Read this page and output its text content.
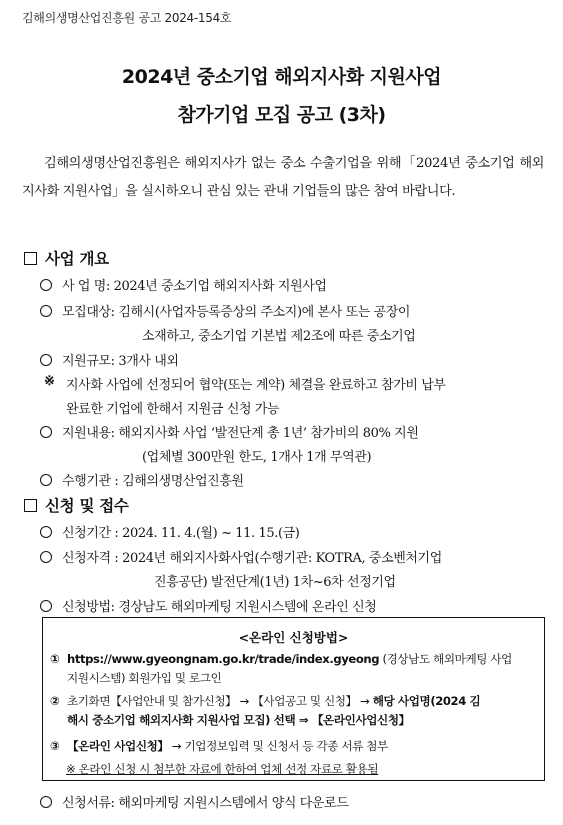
김해의생명산업진흥원 공고 2024-154호
2024년 중소기업 해외지사화 지원사업
참가기업 모집 공고 (3차)
김해의생명산업진흥원은 해외지사가 없는 중소 수출기업을 위해「2024년 중소기업 해외지사화 지원사업」을 실시하오니 관심 있는 관내 기업들의 많은 참여 바랍니다.
사업 개요
사 업 명: 2024년 중소기업 해외지사화 지원사업
모집대상: 김해시(사업자등록증상의 주소지)에 본사 또는 공장이
소재하고, 중소기업 기본법 제2조에 따른 중소기업
지원규모: 3개사 내외
※ 지사화 사업에 선정되어 협약(또는 계약) 체결을 완료하고 참가비 납부
완료한 기업에 한해서 지원금 신청 가능
지원내용: 해외지사화 사업 ‘발전단계 총 1년’ 참가비의 80% 지원
(업체별 300만원 한도, 1개사 1개 무역관)
수행기관 : 김해의생명산업진흥원
신청 및 접수
신청기간 : 2024. 11. 4.(월) ~ 11. 15.(금)
신청자격 : 2024년 해외지사화사업(수행기관: KOTRA, 중소벤처기업
진흥공단) 발전단계(1년) 1차~6차 선정기업
신청방법: 경상남도 해외마케팅 지원시스템에 온라인 신청
<온라인 신청방법>
① https://www.gyeongnam.go.kr/trade/index.gyeong (경상남도 해외마케팅 사업
지원시스템) 회원가입 및 로그인
② 초기화면【사업안내 및 참가신청】 → 【사업공고 및 신청】 → 해당 사업명(2024 김
해시 중소기업 해외지사화 지원사업 모집) 선택 ⇒ 【온라인사업신청】
③ 【온라인 사업신청】 → 기업정보입력 및 신청서 등 각종 서류 첨부
※ 온라인 신청 시 첨부한 자료에 한하여 업체 선정 자료로 활용됨
신청서류: 해외마케팅 지원시스템에서 양식 다운로드
